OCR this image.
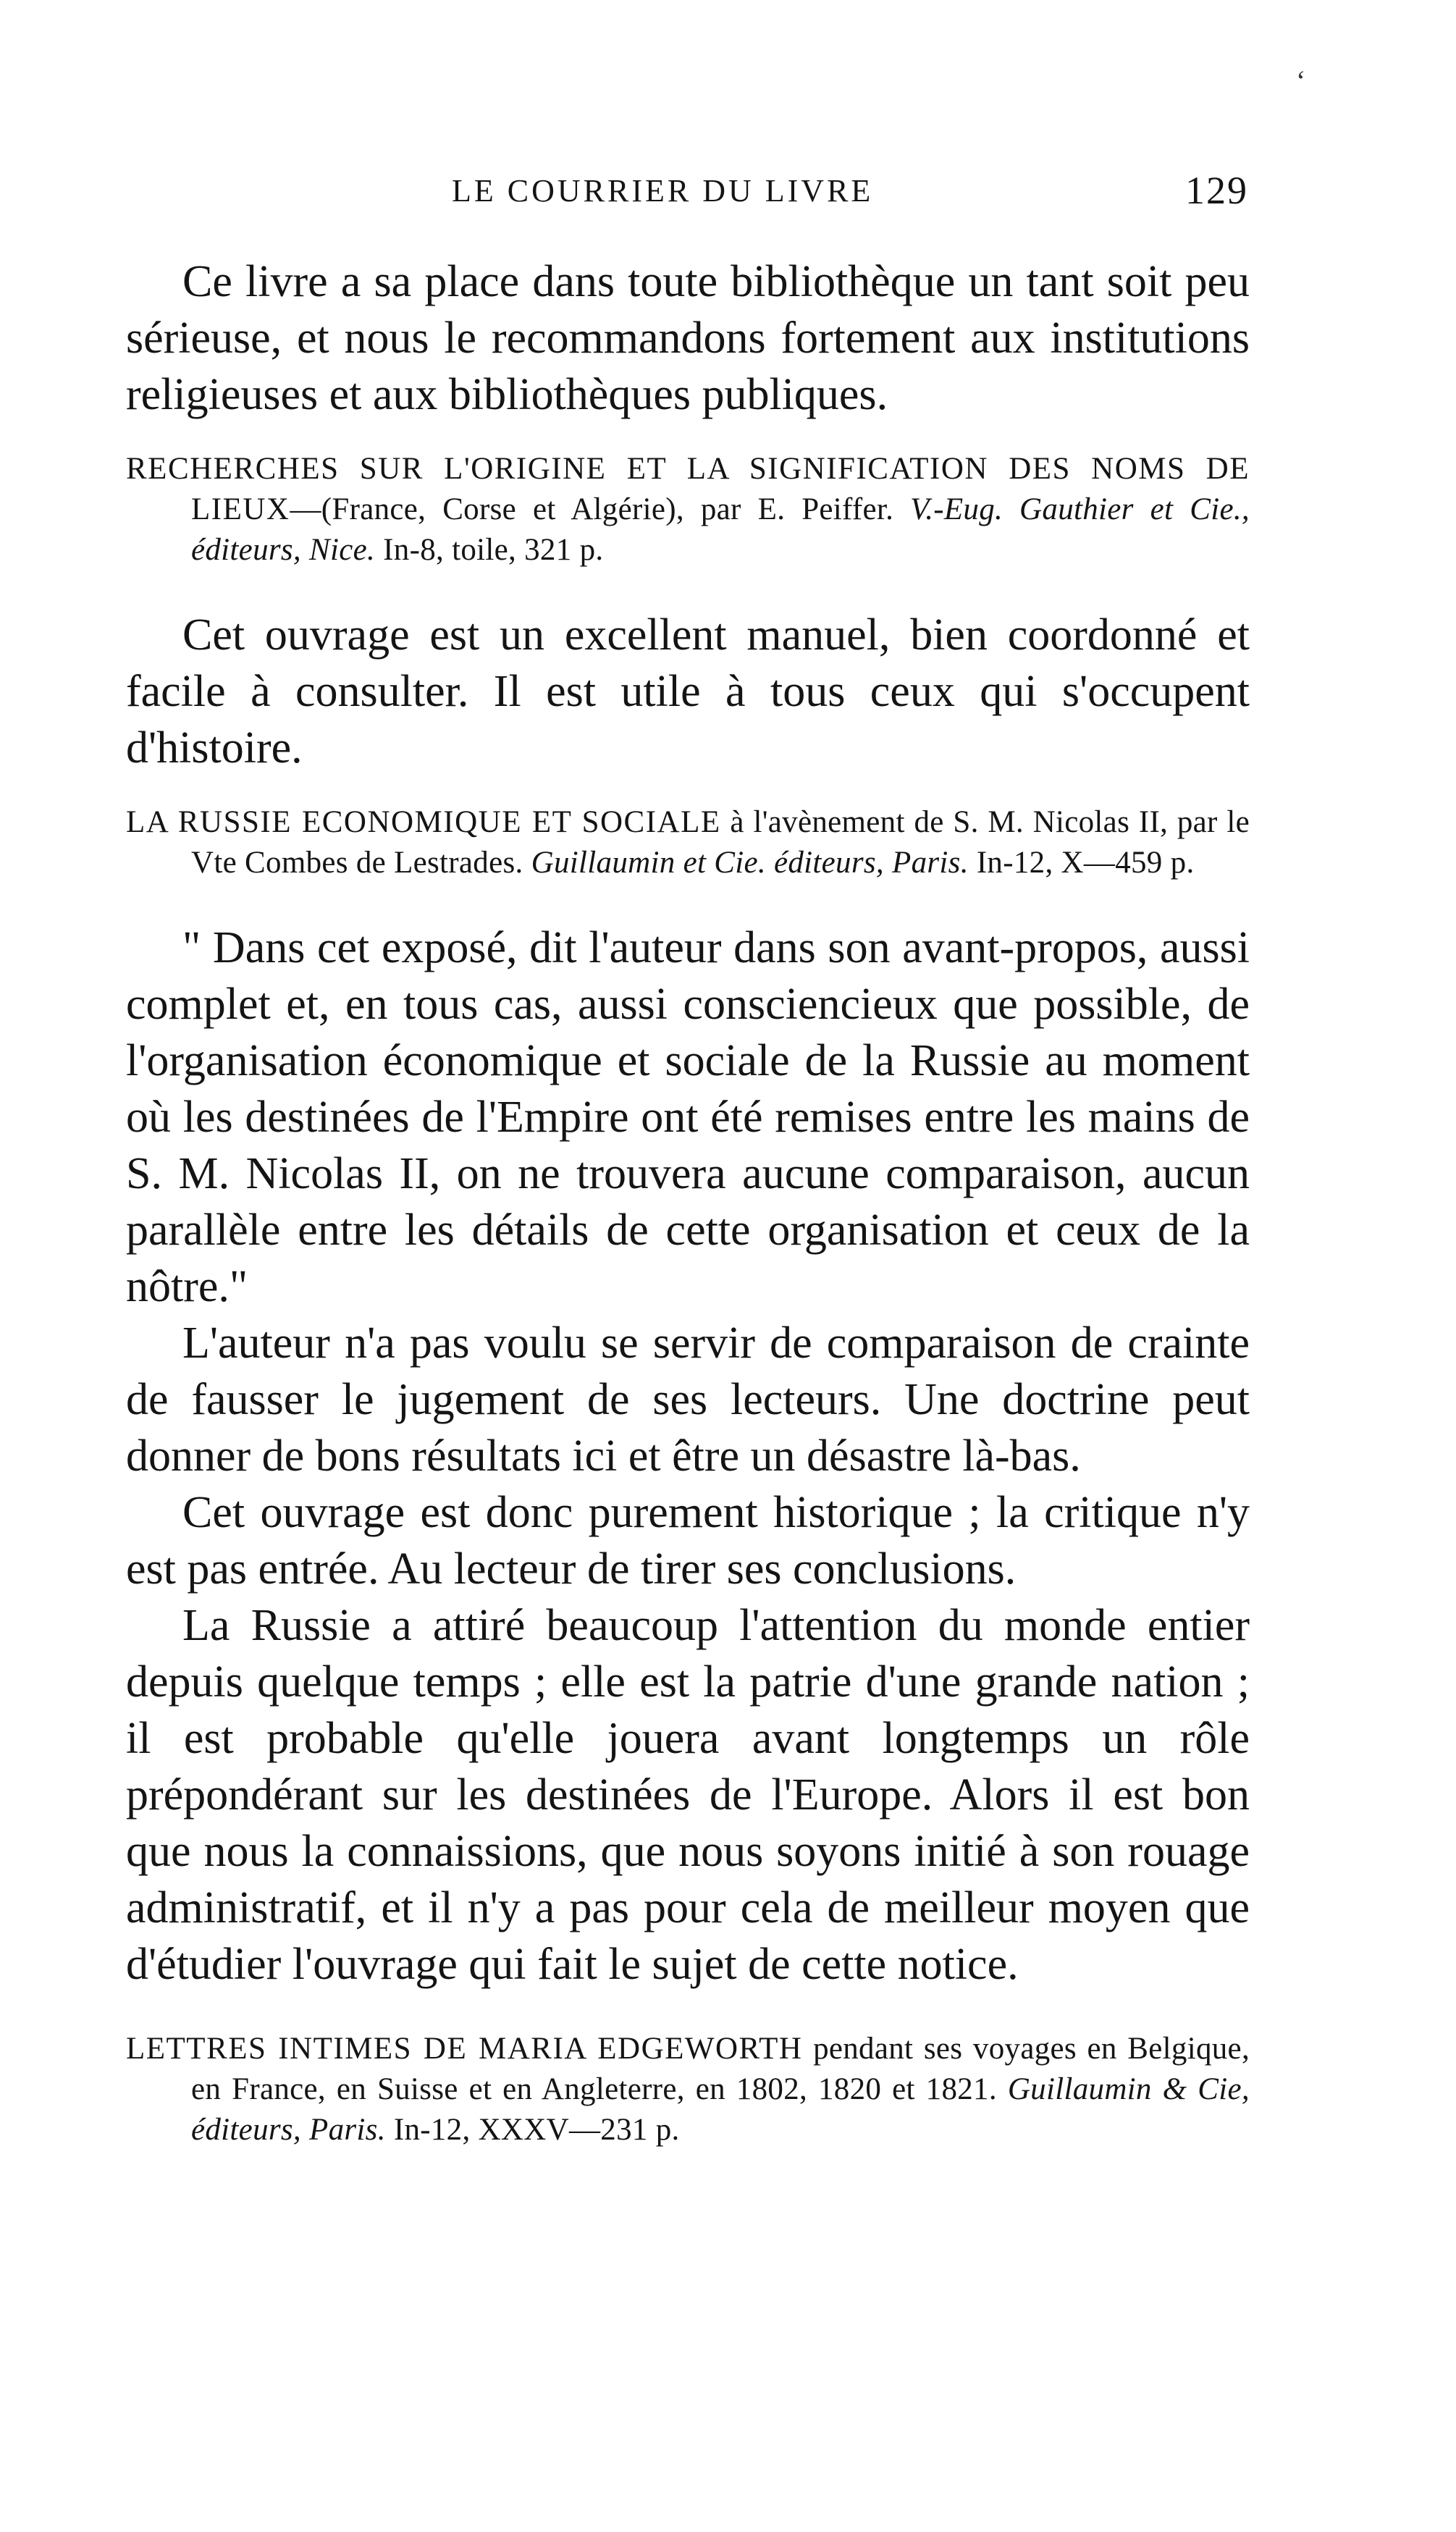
‘
LE COURRIER DU LIVRE	129

Ce livre a sa place dans toute bibliothèque un tant soit peu sérieuse, et nous le recommandons fortement aux institutions religieuses et aux bibliothèques publiques.

RECHERCHES SUR L'ORIGINE ET LA SIGNIFICATION DES NOMS DE LIEUX—(France, Corse et Algérie), par E. Peiffer. V.-Eug. Gauthier et Cie., éditeurs, Nice. In-8, toile, 321 p.

Cet ouvrage est un excellent manuel, bien coordonné et facile à consulter. Il est utile à tous ceux qui s'occupent d'histoire.

LA RUSSIE ECONOMIQUE ET SOCIALE à l'avènement de S. M. Nicolas II, par le Vte Combes de Lestrades. Guillaumin et Cie. éditeurs, Paris. In-12, X—459 p.

" Dans cet exposé, dit l'auteur dans son avant-propos, aussi complet et, en tous cas, aussi consciencieux que possible, de l'organisation économique et sociale de la Russie au moment où les destinées de l'Empire ont été remises entre les mains de S. M. Nicolas II, on ne trouvera aucune comparaison, aucun parallèle entre les détails de cette organisation et ceux de la nôtre."

L'auteur n'a pas voulu se servir de comparaison de crainte de fausser le jugement de ses lecteurs. Une doctrine peut donner de bons résultats ici et être un désastre là-bas.

Cet ouvrage est donc purement historique ; la critique n'y est pas entrée. Au lecteur de tirer ses conclusions.

La Russie a attiré beaucoup l'attention du monde entier depuis quelque temps ; elle est la patrie d'une grande nation ; il est probable qu'elle jouera avant longtemps un rôle prépondérant sur les destinées de l'Europe. Alors il est bon que nous la connaissions, que nous soyons initié à son rouage administratif, et il n'y a pas pour cela de meilleur moyen que d'étudier l'ouvrage qui fait le sujet de cette notice.

LETTRES INTIMES DE MARIA EDGEWORTH pendant ses voyages en Belgique, en France, en Suisse et en Angleterre, en 1802, 1820 et 1821. Guillaumin & Cie, éditeurs, Paris. In-12, XXXV—231 p.
